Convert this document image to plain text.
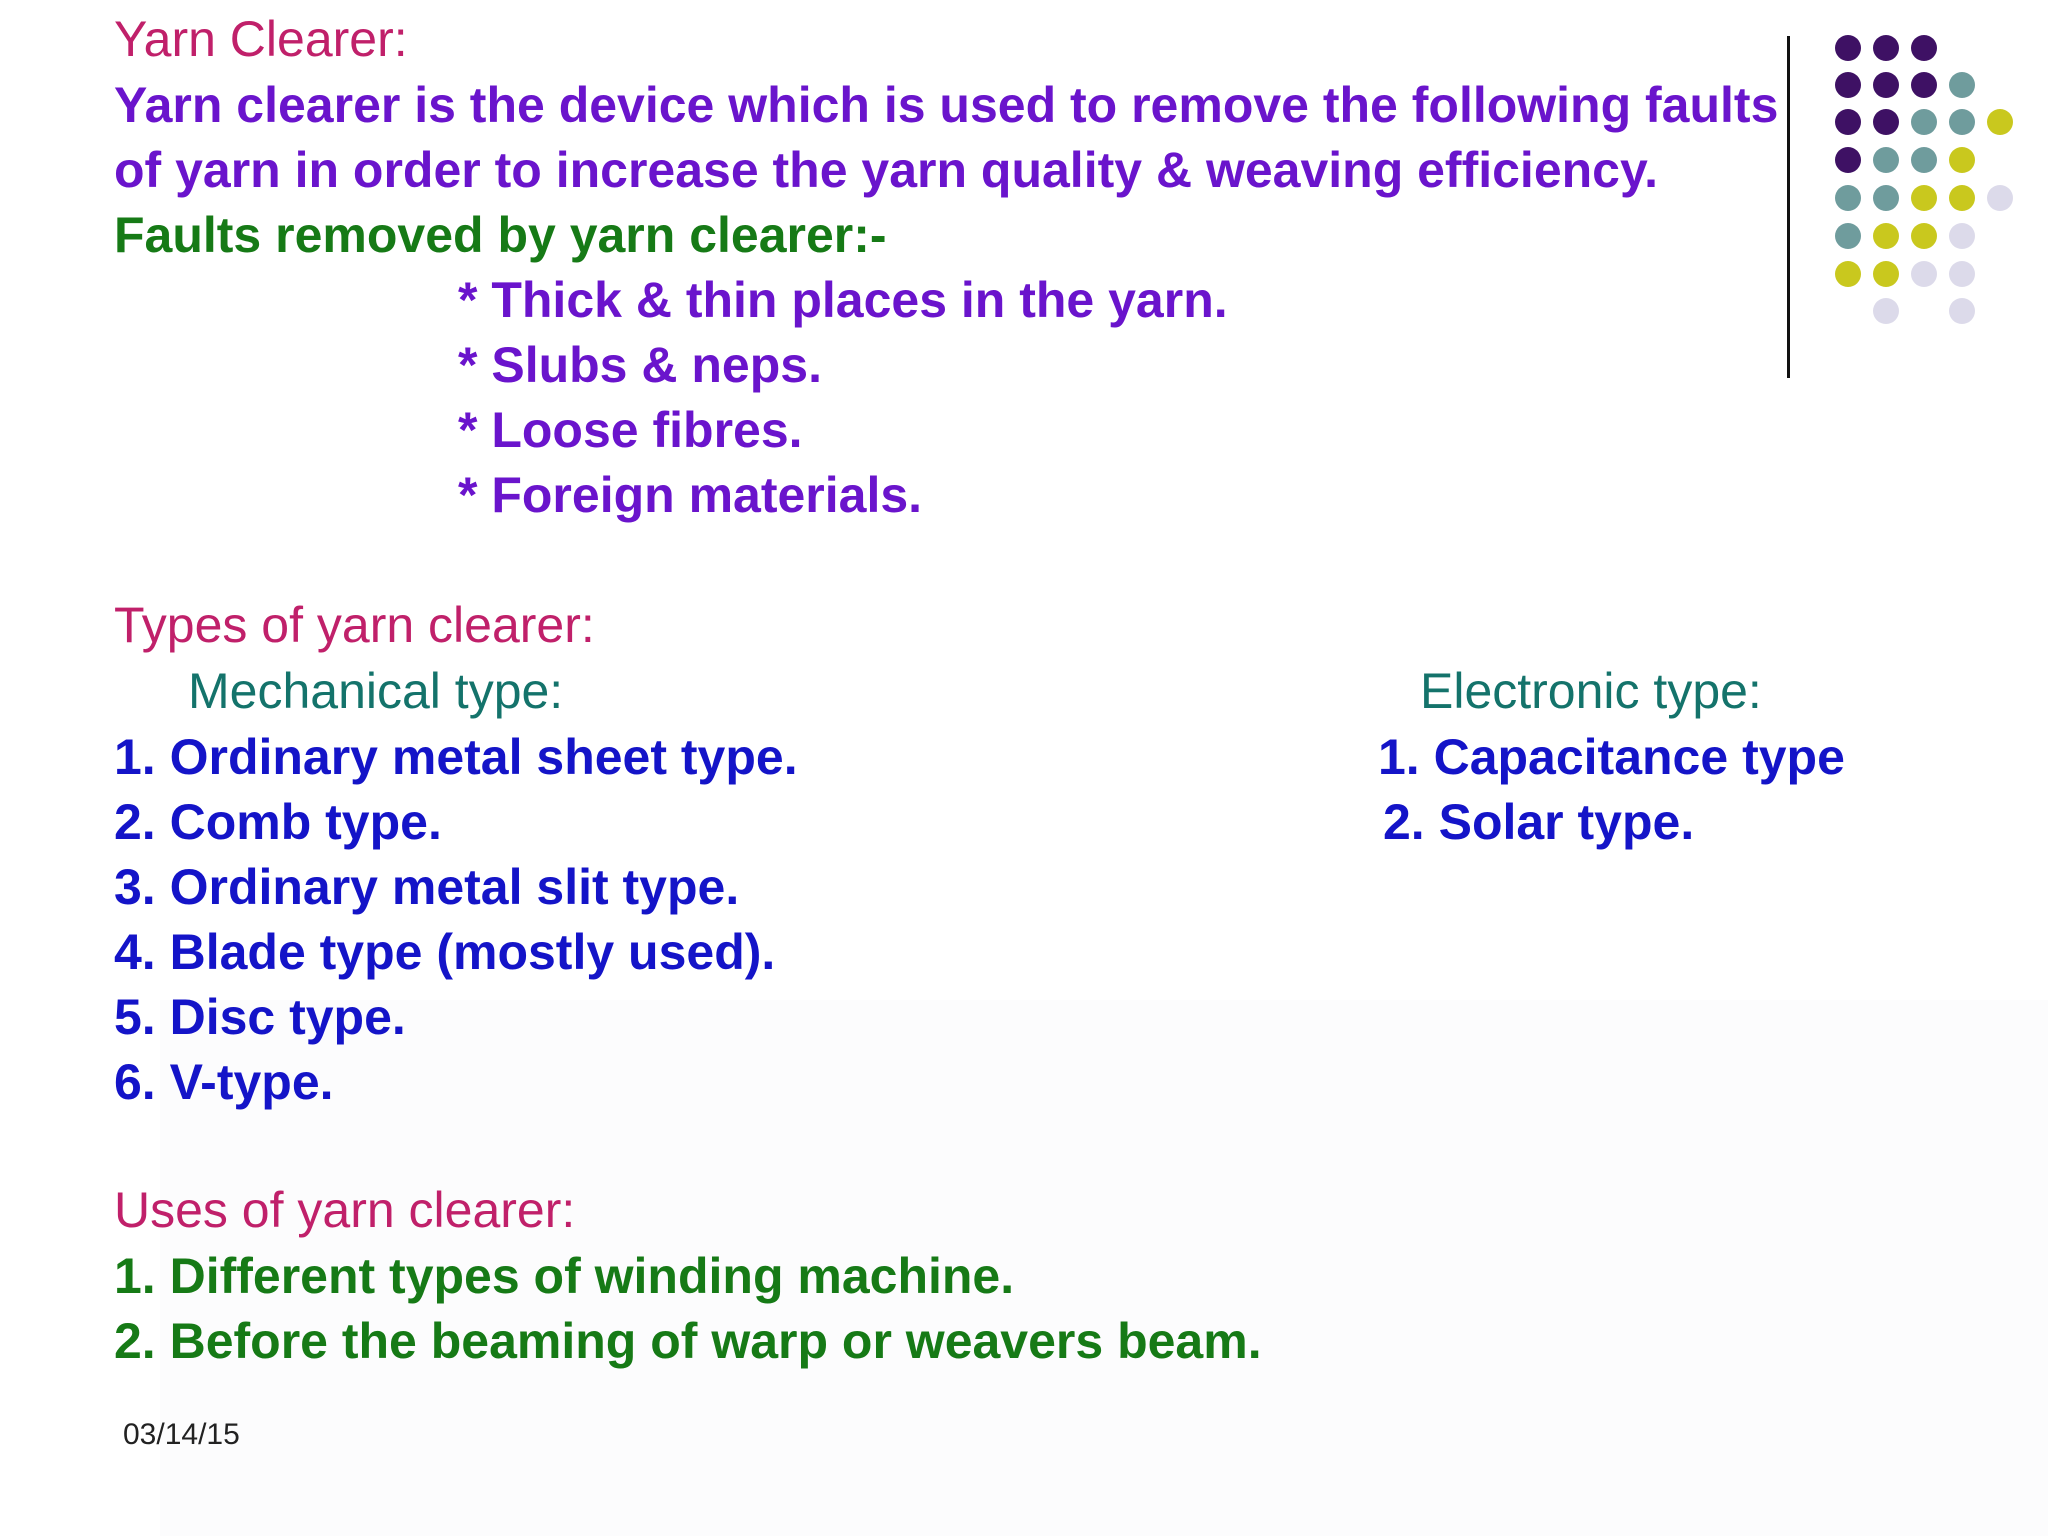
Yarn Clearer:

Yarn clearer is the device which is used to remove the following faults

of yarn in order to increase the yarn quality & weaving efficiency.

Faults removed by yarn clearer:-

* Thick & thin places in the yarn.
* Slubs & neps.
* Loose fibres.
* Foreign materials.

Types of yarn clearer:

Mechanical type:	Electronic type:

1. Ordinary metal sheet type.
2. Comb type.
3. Ordinary metal slit type.
4. Blade type (mostly used).
5. Disc type.
6. V-type.
1. Capacitance type
2. Solar type.

Uses of yarn clearer:

1. Different types of winding machine.
2. Before the beaming of warp or weavers beam.

03/14/15
